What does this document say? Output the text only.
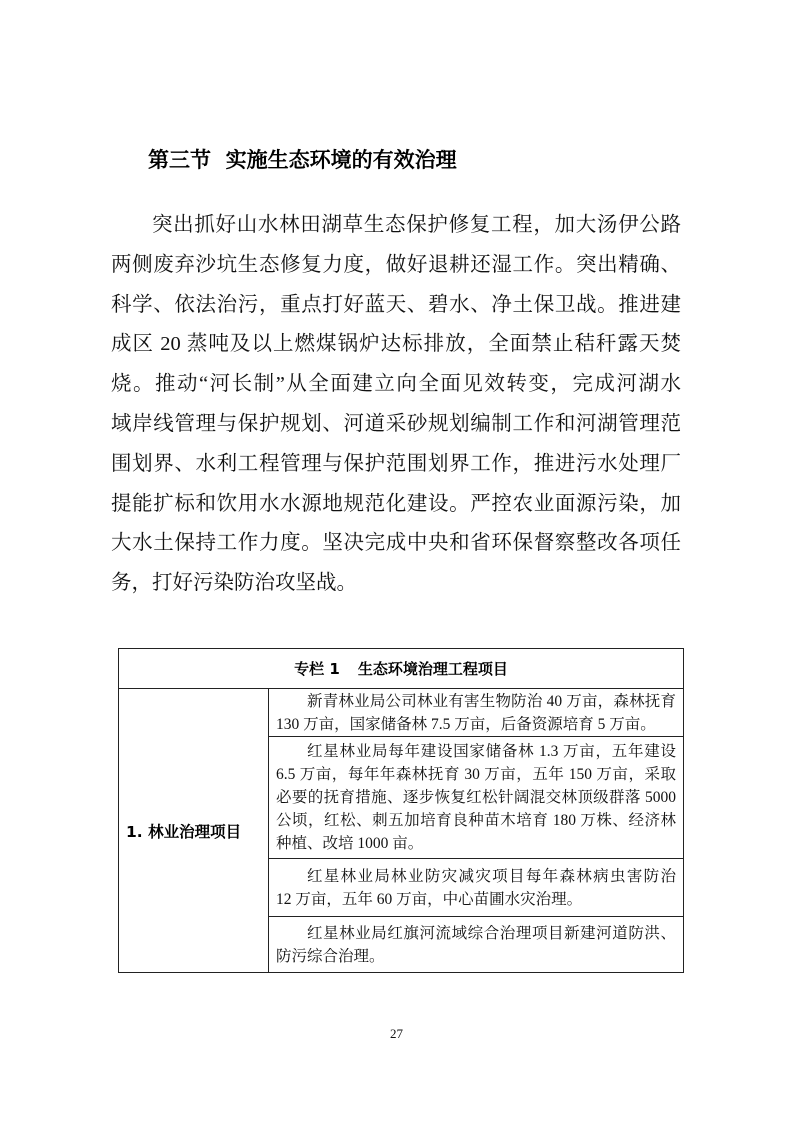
第三节  实施生态环境的有效治理
突出抓好山水林田湖草生态保护修复工程，加大汤伊公路
两侧废弃沙坑生态修复力度，做好退耕还湿工作。突出精确、
科学、依法治污，重点打好蓝天、碧水、净土保卫战。推进建
成区 20 蒸吨及以上燃煤锅炉达标排放，全面禁止秸秆露天焚
烧。推动“河长制”从全面建立向全面见效转变，完成河湖水
域岸线管理与保护规划、河道采砂规划编制工作和河湖管理范
围划界、水利工程管理与保护范围划界工作，推进污水处理厂
提能扩标和饮用水水源地规范化建设。严控农业面源污染，加
大水土保持工作力度。坚决完成中央和省环保督察整改各项任
务，打好污染防治攻坚战。
专栏 1 生态环境治理工程项目
1. 林业治理项目	
新青林业局公司林业有害生物防治 40 万亩，森林抚育
130 万亩，国家储备林 7.5 万亩，后备资源培育 5 万亩。

红星林业局每年建设国家储备林 1.3 万亩，五年建设
6.5 万亩，每年年森林抚育 30 万亩，五年 150 万亩，采取
必要的抚育措施、逐步恢复红松针阔混交林顶级群落 5000
公顷，红松、刺五加培育良种苗木培育 180 万株、经济林
种植、改培 1000 亩。

红星林业局林业防灾减灾项目每年森林病虫害防治
12 万亩，五年 60 万亩，中心苗圃水灾治理。

红星林业局红旗河流域综合治理项目新建河道防洪、
防污综合治理。
27
